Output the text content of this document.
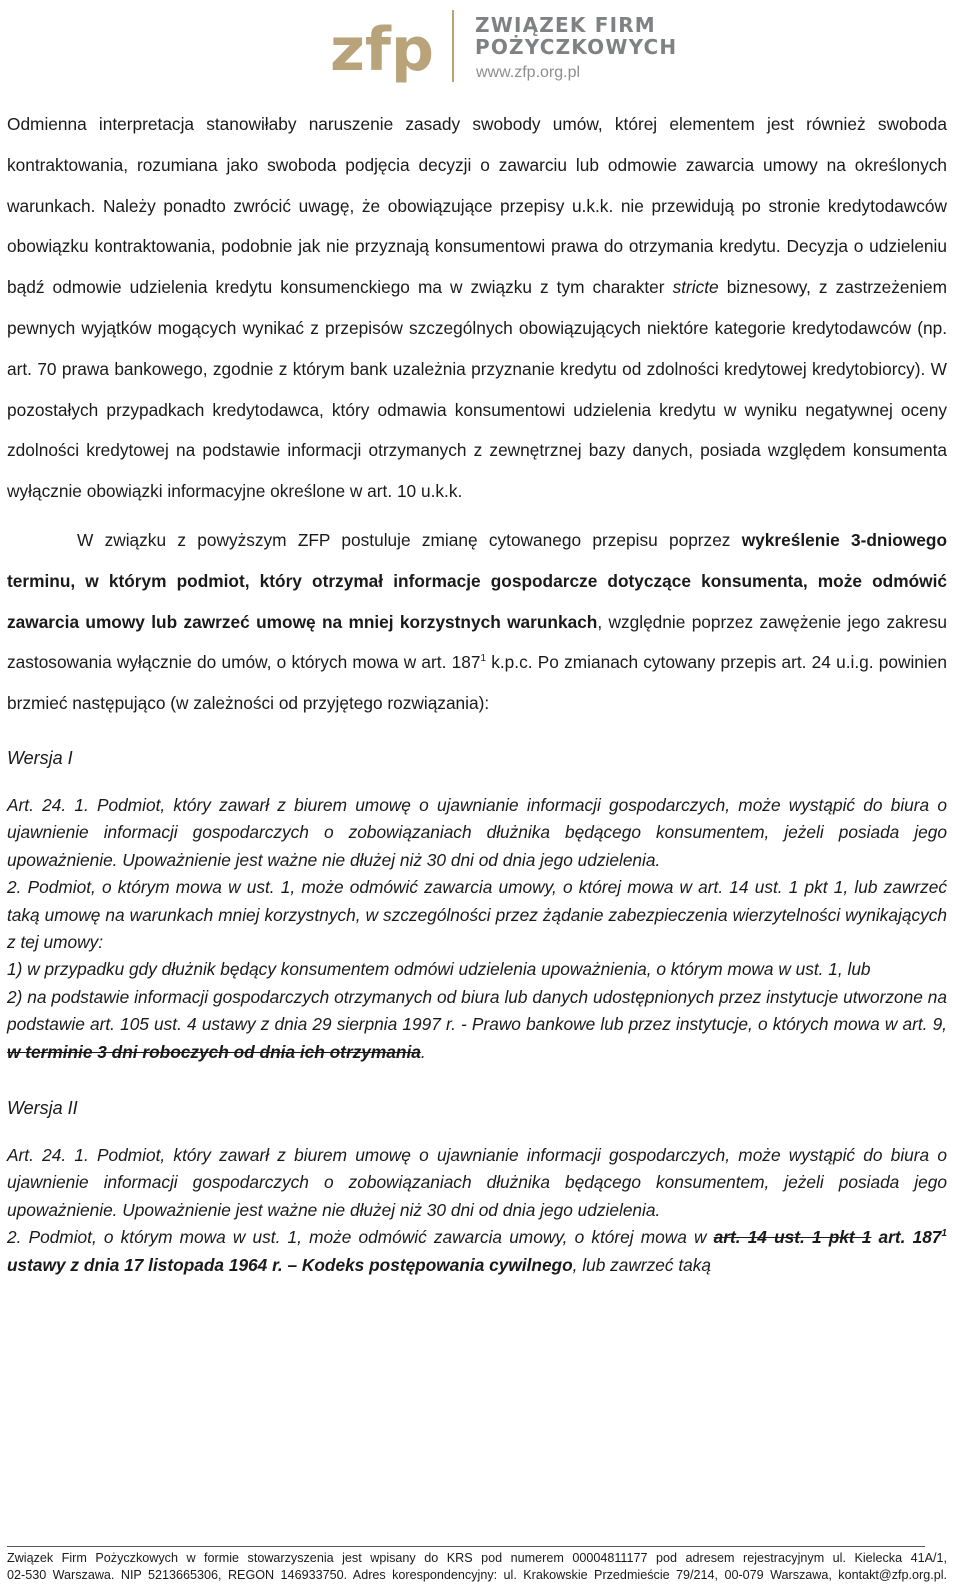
zfp ZWIĄZEK FIRM
POŻYCZKOWYCH
www.zfp.org.pl

Odmienna interpretacja stanowiłaby naruszenie zasady swobody umów, której elementem jest również swoboda kontraktowania, rozumiana jako swoboda podjęcia decyzji o zawarciu lub odmowie zawarcia umowy na określonych warunkach. Należy ponadto zwrócić uwagę, że obowiązujące przepisy u.k.k. nie przewidują po stronie kredytodawców obowiązku kontraktowania, podobnie jak nie przyznają konsumentowi prawa do otrzymania kredytu. Decyzja o udzieleniu bądź odmowie udzielenia kredytu konsumenckiego ma w związku z tym charakter stricte biznesowy, z zastrzeżeniem pewnych wyjątków mogących wynikać z przepisów szczególnych obowiązujących niektóre kategorie kredytodawców (np. art. 70 prawa bankowego, zgodnie z którym bank uzależnia przyznanie kredytu od zdolności kredytowej kredytobiorcy). W pozostałych przypadkach kredytodawca, który odmawia konsumentowi udzielenia kredytu w wyniku negatywnej oceny zdolności kredytowej na podstawie informacji otrzymanych z zewnętrznej bazy danych, posiada względem konsumenta wyłącznie obowiązki informacyjne określone w art. 10 u.k.k.

W związku z powyższym ZFP postuluje zmianę cytowanego przepisu poprzez wykreślenie 3-dniowego terminu, w którym podmiot, który otrzymał informacje gospodarcze dotyczące konsumenta, może odmówić zawarcia umowy lub zawrzeć umowę na mniej korzystnych warunkach, względnie poprzez zawężenie jego zakresu zastosowania wyłącznie do umów, o których mowa w art. $187^1$ k.p.c. Po zmianach cytowany przepis art. 24 u.i.g. powinien brzmieć następująco (w zależności od przyjętego rozwiązania):

Wersja I

Art. 24. 1. Podmiot, który zawarł z biurem umowę o ujawnianie informacji gospodarczych, może wystąpić do biura o ujawnienie informacji gospodarczych o zobowiązaniach dłużnika będącego konsumentem, jeżeli posiada jego upoważnienie. Upoważnienie jest ważne nie dłużej niż 30 dni od dnia jego udzielenia.

2. Podmiot, o którym mowa w ust. 1, może odmówić zawarcia umowy, o której mowa w art. 14 ust. 1 pkt 1, lub zawrzeć taką umowę na warunkach mniej korzystnych, w szczególności przez żądanie zabezpieczenia wierzytelności wynikających z tej umowy:

1) w przypadku gdy dłużnik będący konsumentem odmówi udzielenia upoważnienia, o którym mowa w ust. 1, lub

2) na podstawie informacji gospodarczych otrzymanych od biura lub danych udostępnionych przez instytucje utworzone na podstawie art. 105 ust. 4 ustawy z dnia 29 sierpnia 1997 r. - Prawo bankowe lub przez instytucje, o których mowa w art. 9, w terminie 3 dni roboczych od dnia ich otrzymania.

Wersja II

Art. 24. 1. Podmiot, który zawarł z biurem umowę o ujawnianie informacji gospodarczych, może wystąpić do biura o ujawnienie informacji gospodarczych o zobowiązaniach dłużnika będącego konsumentem, jeżeli posiada jego upoważnienie. Upoważnienie jest ważne nie dłużej niż 30 dni od dnia jego udzielenia.

2. Podmiot, o którym mowa w ust. 1, może odmówić zawarcia umowy, o której mowa w art. 14 ust. 1 pkt 1 art. $187^1$ ustawy z dnia 17 listopada 1964 r. – Kodeks postępowania cywilnego, lub zawrzeć taką

Związek Firm Pożyczkowych w formie stowarzyszenia jest wpisany do KRS pod numerem 00004811177 pod adresem rejestracyjnym ul. Kielecka 41A/1,

02-530 Warszawa. NIP 5213665306, REGON 146933750. Adres korespondencyjny: ul. Krakowskie Przedmieście 79/214, 00-079 Warszawa, kontakt@zfp.org.pl.
